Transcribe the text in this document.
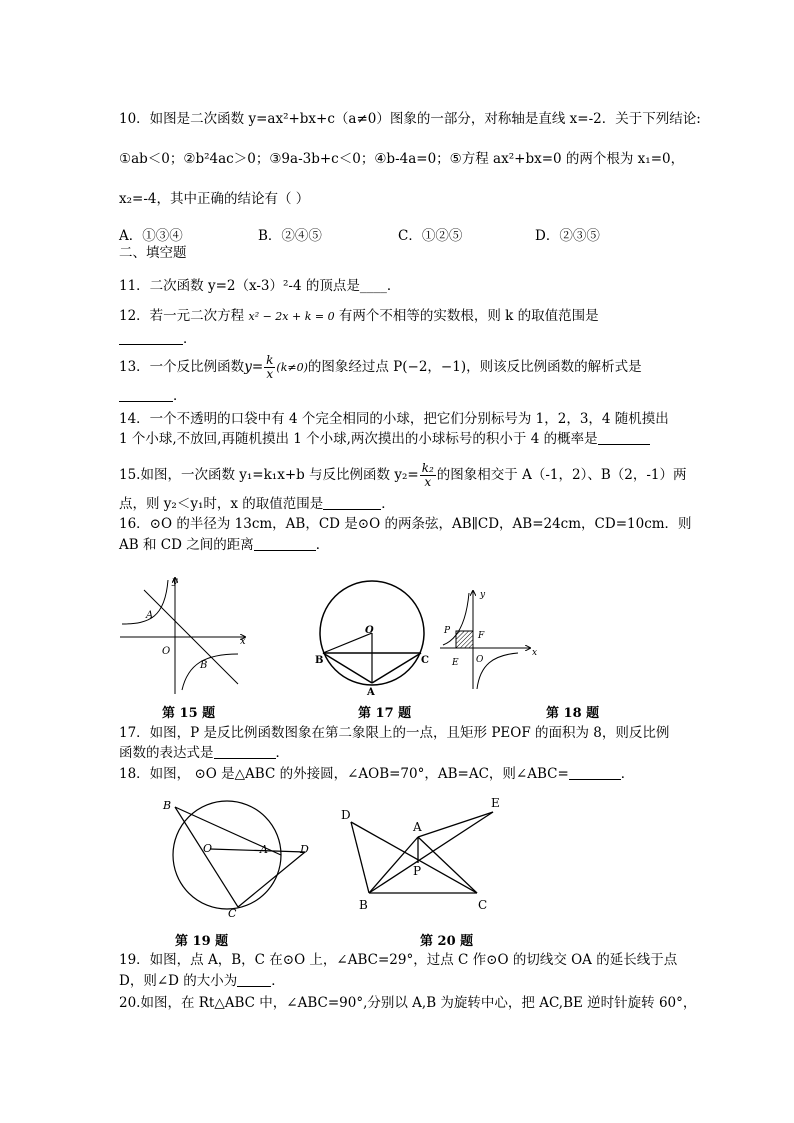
10．如图是二次函数 y=ax²+bx+c（a≠0）图象的一部分，对称轴是直线 x=-2．关于下列结论:
①ab＜0；②b²4ac＞0；③9a-3b+c＜0；④b-4a=0；⑤方程 ax²+bx=0 的两个根为 x₁=0，
x₂=-4，其中正确的结论有（ ）
A．①③④	B．②④⑤	C．①②⑤	D．②③⑤
二、填空题
11．二次函数 y=2（x-3）²-4 的顶点是____．
12．若一元二次方程 x² − 2x + k = 0 有两个不相等的实数根，则 k 的取值范围是
．
13．一个反比例函数$y= \frac{k}{x} (k\ne 0)$的图象经过点 P(−2，−1)，则该反比例函数的解析式是
．
14．一个不透明的口袋中有 4 个完全相同的小球，把它们分别标号为 1，2，3，4 随机摸出
1 个小球,不放回,再随机摸出 1 个小球,两次摸出的小球标号的积小于 4 的概率是
15.如图，一次函数 y₁=k₁x+b 与反比例函数 $y_2= \frac{\text{k₂}}{x}$ 的图象相交于 A（-1，2）、B（2，-1）两
点，则 y₂＜y₁时，x 的取值范围是	．
16．⊙O 的半径为 13cm，AB，CD 是⊙O 的两条弦，AB∥CD，AB=24cm，CD=10cm．则
AB 和 CD 之间的距离	．
y
x
A
O
B
O
B	C
A
y
P	F
E O
x
第 15 题	第 17 题	第 18 题
17．如图，P 是反比例函数图象在第二象限上的一点，且矩形 PEOF 的面积为 8，则反比例
函数的表达式是	．
18．如图， ⊙O 是△ABC 的外接圆，∠AOB=70°，AB=AC，则∠ABC=	．
B
O	A	D
C
D
A
E
P
B	C
第 19 题	第 20 题
19．如图，点 A，B，C 在⊙O 上，∠ABC=29°，过点 C 作⊙O 的切线交 OA 的延长线于点
D，则∠D 的大小为	．
20.如图，在 Rt△ABC 中，∠ABC=90°,分别以 A,B 为旋转中心，把 AC,BE 逆时针旋转 60°，
